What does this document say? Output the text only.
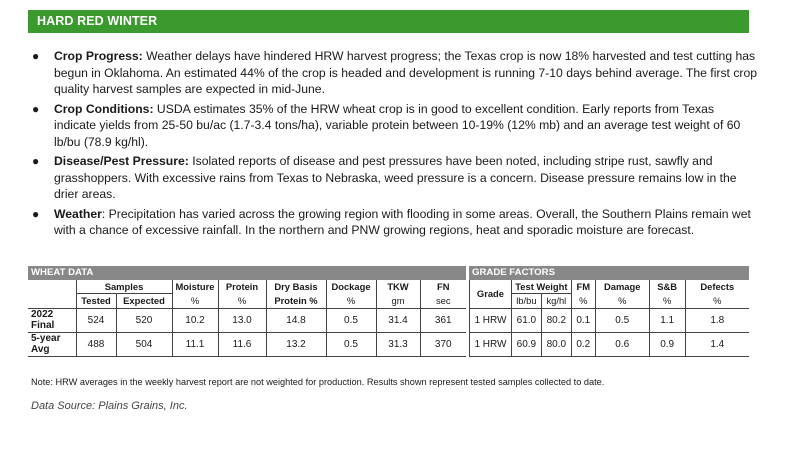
HARD RED WINTER
● Crop Progress: Weather delays have hindered HRW harvest progress; the Texas crop is now 18% harvested and test cutting has begun in Oklahoma. An estimated 44% of the crop is headed and development is running 7-10 days behind average. The first crop quality harvest samples are expected in mid-June.
● Crop Conditions: USDA estimates 35% of the HRW wheat crop is in good to excellent condition. Early reports from Texas indicate yields from 25-50 bu/ac (1.7-3.4 tons/ha), variable protein between 10-19% (12% mb) and an average test weight of 60 lb/bu (78.9 kg/hl).
● Disease/Pest Pressure: Isolated reports of disease and pest pressures have been noted, including stripe rust, sawfly and grasshoppers. With excessive rains from Texas to Nebraska, weed pressure is a concern. Disease pressure remains low in the drier areas.
● Weather: Precipitation has varied across the growing region with flooding in some areas. Overall, the Southern Plains remain wet with a chance of excessive rainfall. In the northern and PNW growing regions, heat and sporadic moisture are forecast.
WHEAT DATA
	Samples		Moisture	Protein	Dry Basis	Dockage	TKW	FN
	Tested	Expected	%	%	Protein %	%	gm	sec
2022
Final	524	520	10.2	13.0	14.8	0.5	31.4	361
5-year
Avg	488	504	11.1	11.6	13.2	0.5	31.3	370
GRADE FACTORS
Grade	Test Weight		FM	Damage	S&B	Defects
	lb/bu	kg/hl	%	%	%	%
1 HRW	61.0	80.2	0.1	0.5	1.1	1.8
1 HRW	60.9	80.0	0.2	0.6	0.9	1.4
Note: HRW averages in the weekly harvest report are not weighted for production. Results shown represent tested samples collected to date.
Data Source: Plains Grains, Inc.
